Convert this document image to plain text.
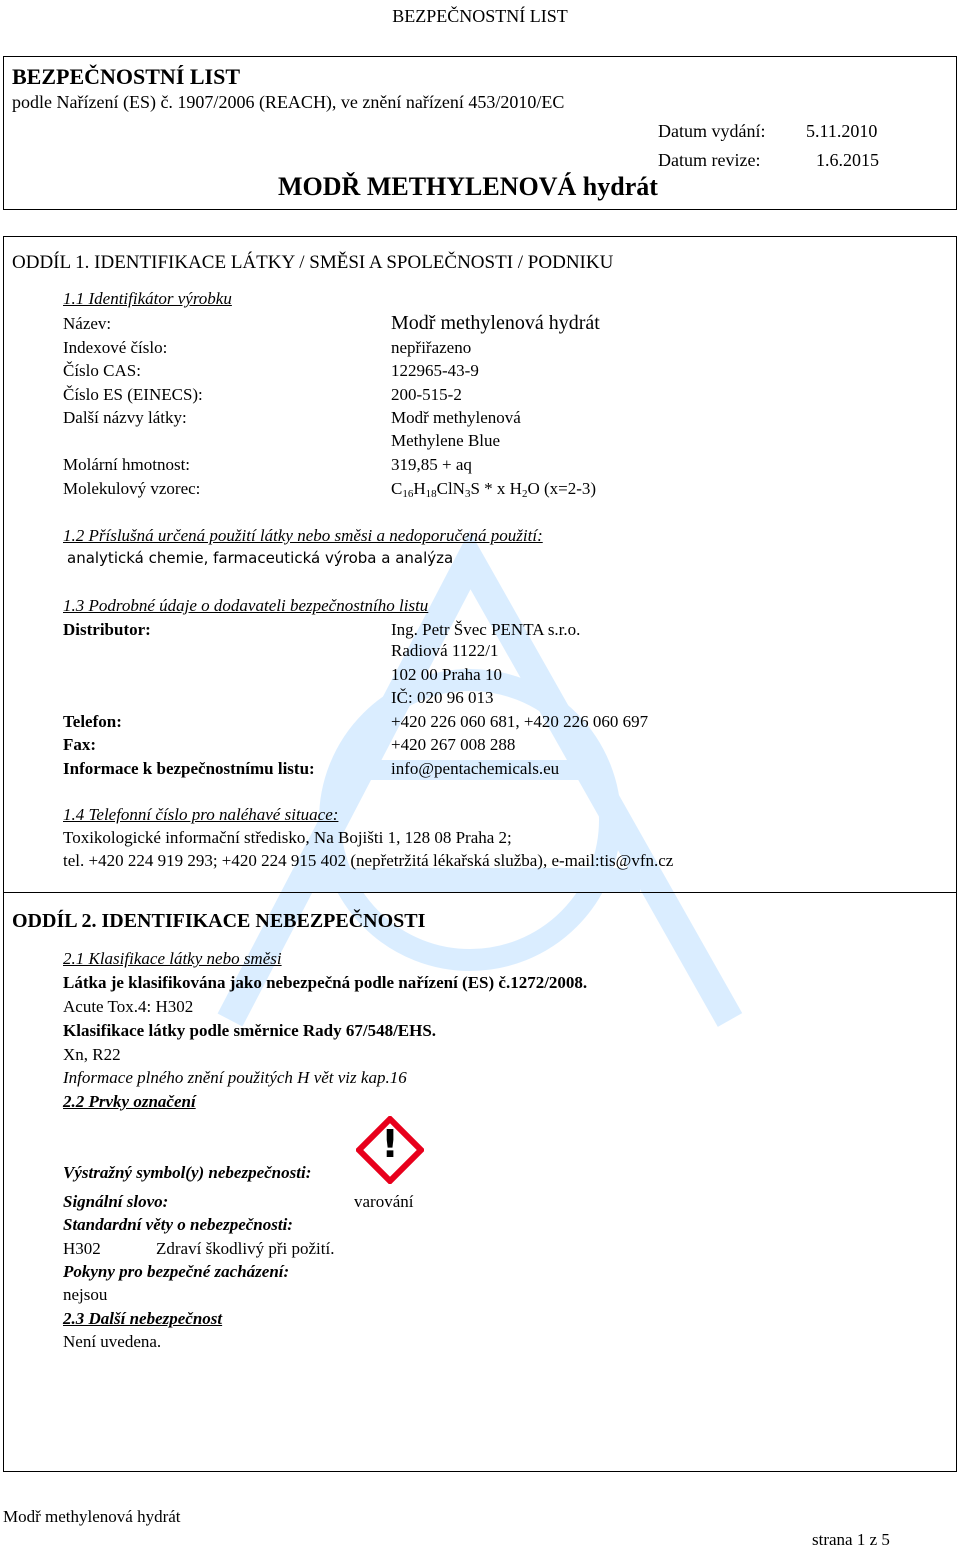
BEZPEČNOSTNÍ LIST
BEZPEČNOSTNÍ LIST
podle Nařízení (ES) č. 1907/2006 (REACH), ve znění nařízení 453/2010/EC
Datum vydání: 5.11.2010
Datum revize:	1.6.2015
MODŘ METHYLENOVÁ hydrát
ODDÍL 1. IDENTIFIKACE LÁTKY / SMĚSI A SPOLEČNOSTI / PODNIKU
1.1 Identifikátor výrobku
Název:	Modř methylenová hydrát
Indexové číslo:	nepřiřazeno
Číslo CAS:	122965-43-9
Číslo ES (EINECS):	200-515-2
Další názvy látky:	Modř methylenová
Methylene Blue
Molární hmotnost:	319,85 + aq
Molekulový vzorec:	$C_{16}H_{18}ClN_3S$ * x $H_2O$ (x=2-3)
1.2 Příslušná určená použití látky nebo směsi a nedoporučená použití:
analytická chemie, farmaceutická výroba a analýza
1.3 Podrobné údaje o dodavateli bezpečnostního listu
Distributor:	Ing. Petr Švec PENTA s.r.o.
Radiová 1122/1
102 00 Praha 10
IČ: 020 96 013
Telefon:	+420 226 060 681, +420 226 060 697
Fax:	+420 267 008 288
Informace k bezpečnostnímu listu:	info@pentachemicals.eu
1.4 Telefonní číslo pro naléhavé situace:
Toxikologické informační středisko, Na Bojišti 1, 128 08 Praha 2;
tel. +420 224 919 293; +420 224 915 402 (nepřetržitá lékařská služba), e-mail:tis@vfn.cz
ODDÍL 2. IDENTIFIKACE NEBEZPEČNOSTI
2.1 Klasifikace látky nebo směsi
Látka je klasifikována jako nebezpečná podle nařízení (ES) č.1272/2008.
Acute Tox.4: H302
Klasifikace látky podle směrnice Rady 67/548/EHS.
Xn, R22
Informace plného znění použitých H vět viz kap.16
2.2 Prvky označení
!
Výstražný symbol(y) nebezpečnosti:
Signální slovo:	varování
Standardní věty o nebezpečnosti:
H302	Zdraví škodlivý při požití.
Pokyny pro bezpečné zacházení:
nejsou
2.3 Další nebezpečnost
Není uvedena.
Modř methylenová hydrát
strana 1 z 5
